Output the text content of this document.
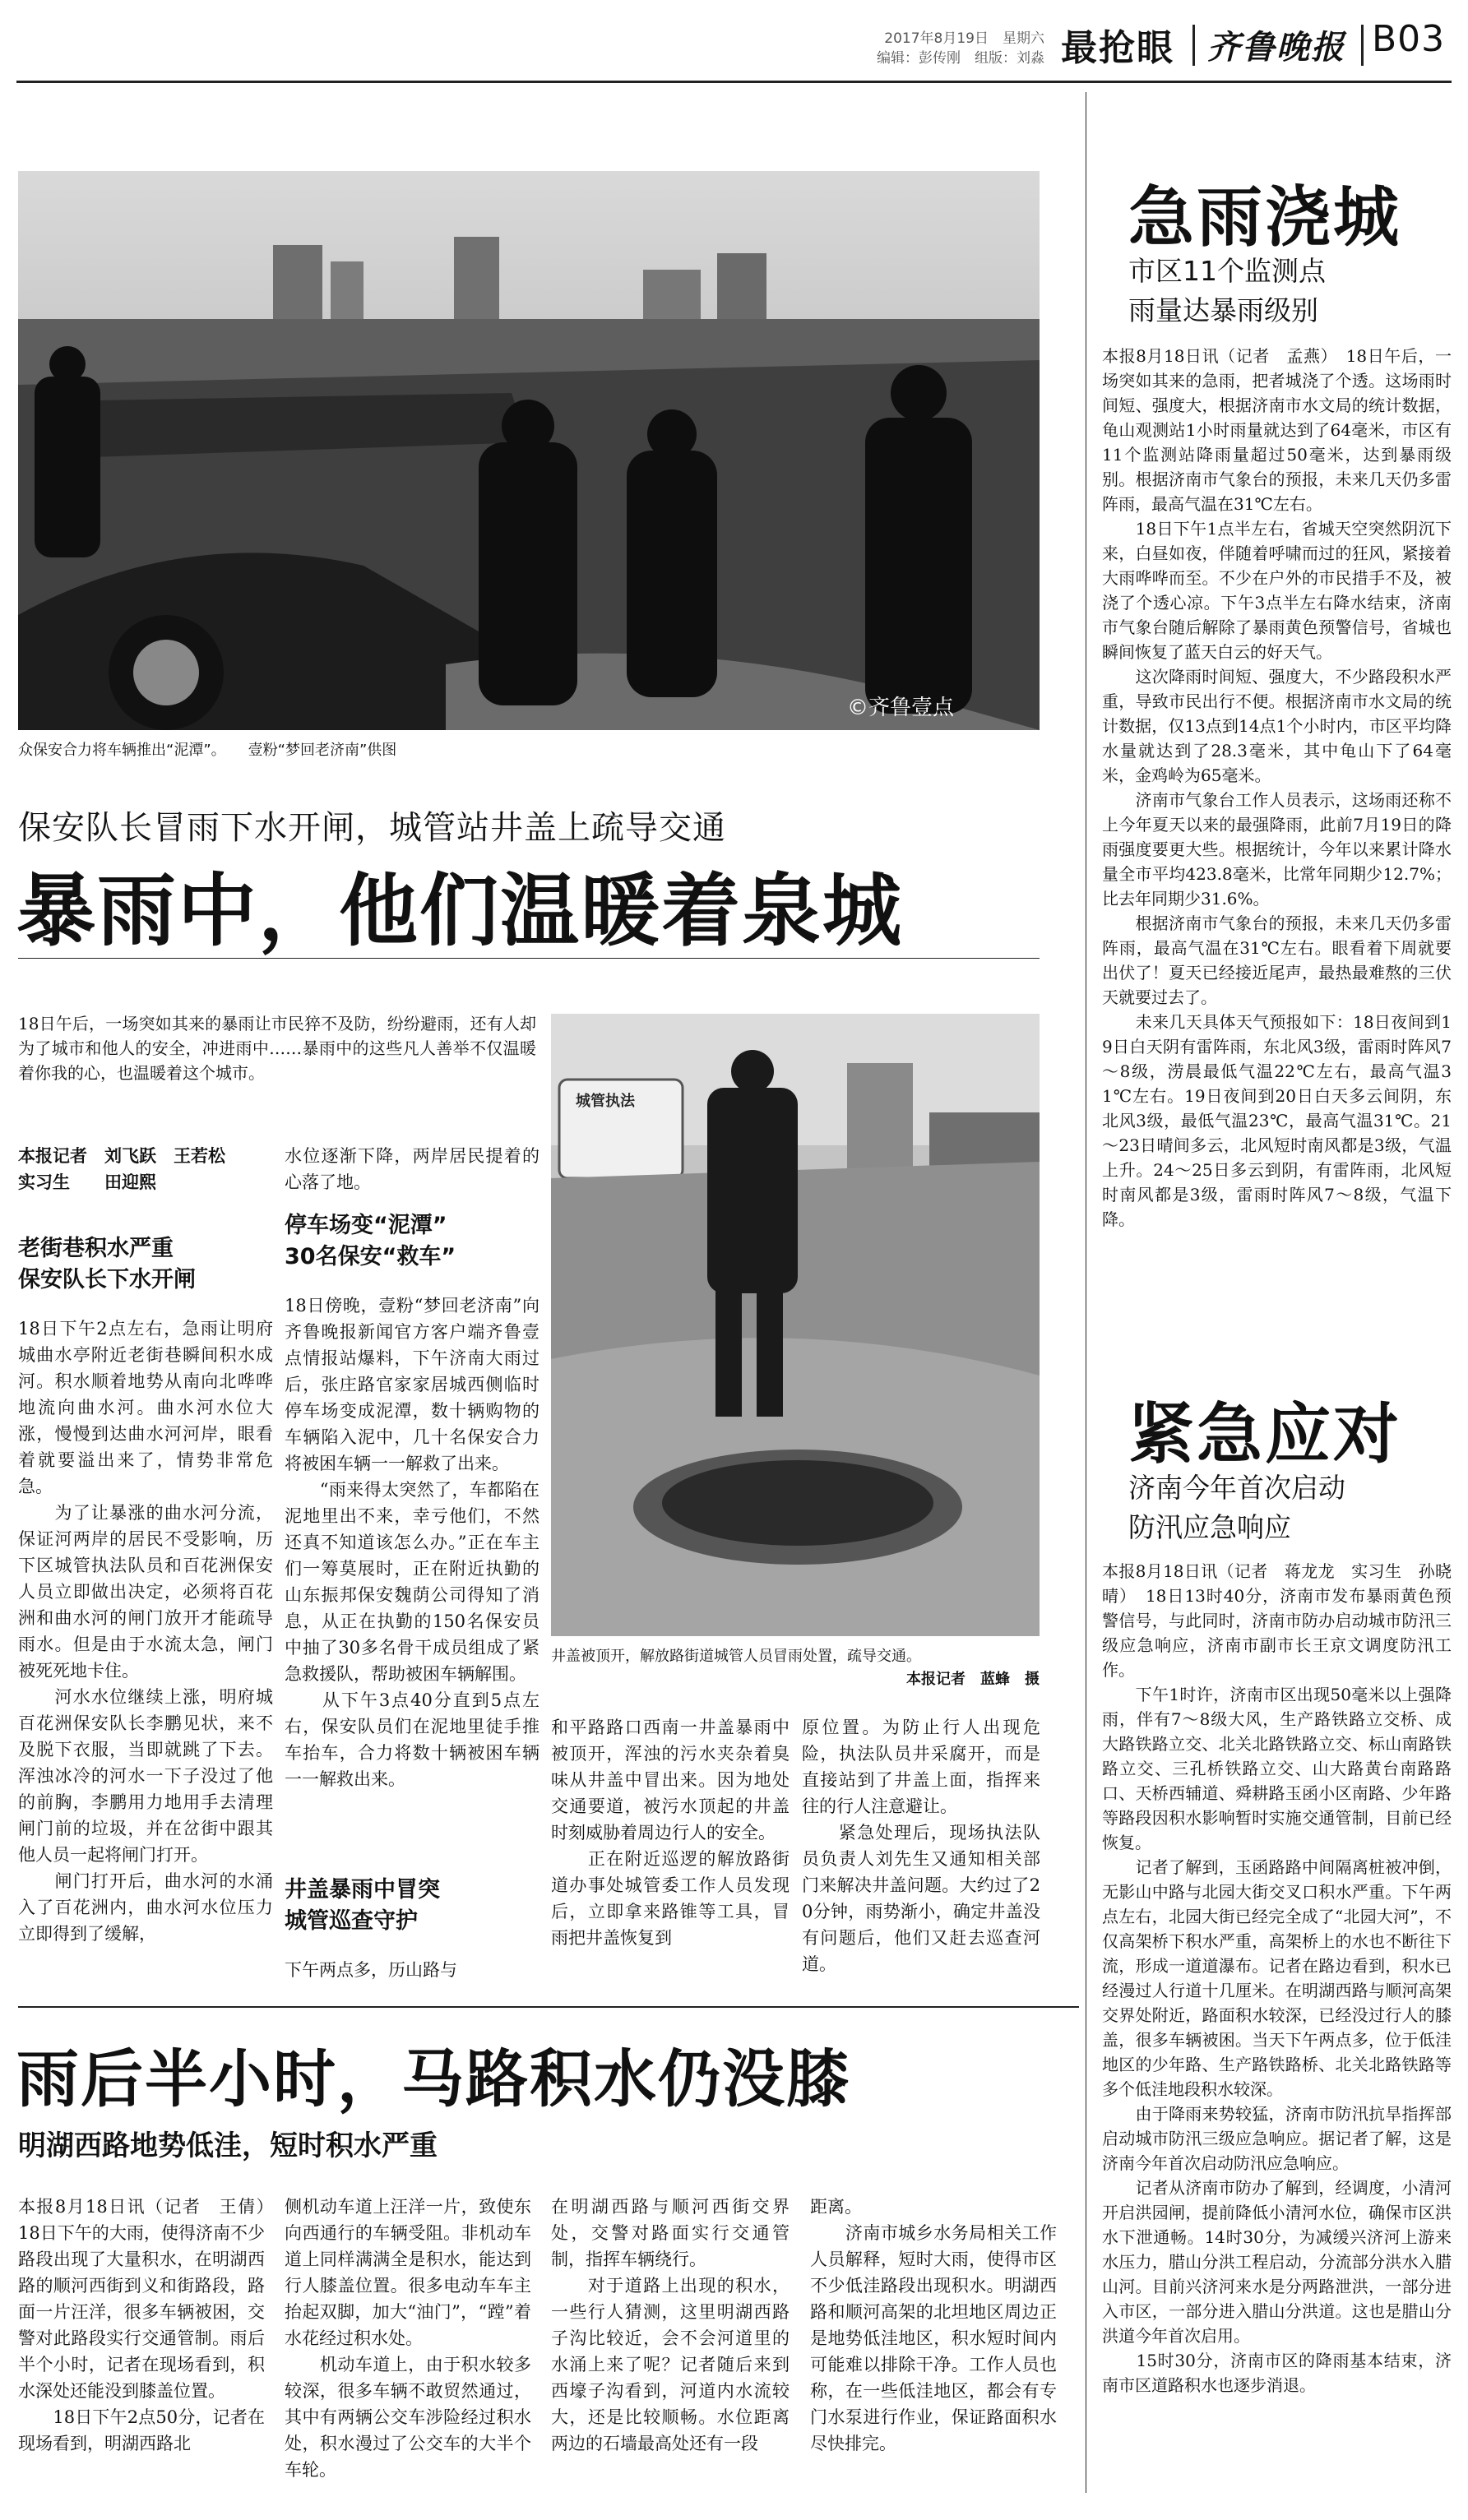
2017年8月19日　星期六
编辑：彭传刚　组版：刘淼 最抢眼 齐鲁晚报 B03
©齐鲁壹点
众保安合力将车辆推出“泥潭”。　　壹粉“梦回老济南”供图
保安队长冒雨下水开闸，城管站井盖上疏导交通
暴雨中，他们温暖着泉城
18日午后，一场突如其来的暴雨让市民猝不及防，纷纷避雨，还有人却为了城市和他人的安全，冲进雨中……暴雨中的这些凡人善举不仅温暖着你我的心，也温暖着这个城市。
本报记者　刘飞跃　王若松
实习生　　田迎熙
老街巷积水严重
保安队长下水开闸
18日下午2点左右，急雨让明府城曲水亭附近老街巷瞬间积水成河。积水顺着地势从南向北哗哗地流向曲水河。曲水河水位大涨，慢慢到达曲水河河岸，眼看着就要溢出来了，情势非常危急。
　　为了让暴涨的曲水河分流，保证河两岸的居民不受影响，历下区城管执法队员和百花洲保安人员立即做出决定，必须将百花洲和曲水河的闸门放开才能疏导雨水。但是由于水流太急，闸门被死死地卡住。
　　河水水位继续上涨，明府城百花洲保安队长李鹏见状，来不及脱下衣服，当即就跳了下去。浑浊冰冷的河水一下子没过了他的前胸，李鹏用力地用手去清理闸门前的垃圾，并在岔街中跟其他人员一起将闸门打开。
　　闸门打开后，曲水河的水涌入了百花洲内，曲水河水位压力立即得到了缓解，
水位逐渐下降，两岸居民提着的心落了地。
停车场变“泥潭”
30名保安“救车”
18日傍晚，壹粉“梦回老济南”向齐鲁晚报新闻官方客户端齐鲁壹点情报站爆料，下午济南大雨过后，张庄路官家家居城西侧临时停车场变成泥潭，数十辆购物的车辆陷入泥中，几十名保安合力将被困车辆一一解救了出来。
　　“雨来得太突然了，车都陷在泥地里出不来，幸亏他们，不然还真不知道该怎么办。”正在车主们一筹莫展时，正在附近执勤的山东振邦保安魏荫公司得知了消息，从正在执勤的150名保安员中抽了30多名骨干成员组成了紧急救援队，帮助被困车辆解围。
　　从下午3点40分直到5点左右，保安队员们在泥地里徒手推车抬车，合力将数十辆被困车辆一一解救出来。
井盖暴雨中冒突
城管巡查守护
下午两点多，历山路与
城管执法
井盖被顶开，解放路街道城管人员冒雨处置，疏导交通。
本报记者　蓝蜂　摄
和平路路口西南一井盖暴雨中被顶开，浑浊的污水夹杂着臭味从井盖中冒出来。因为地处交通要道，被污水顶起的井盖时刻威胁着周边行人的安全。
　　正在附近巡逻的解放路街道办事处城管委工作人员发现后，立即拿来路锥等工具，冒雨把井盖恢复到
原位置。为防止行人出现危险，执法队员井采腐开，而是直接站到了井盖上面，指挥来往的行人注意避让。
　　紧急处理后，现场执法队员负责人刘先生又通知相关部门来解决井盖问题。大约过了20分钟，雨势渐小，确定井盖没有问题后，他们又赶去巡查河道。
急雨浇城
市区11个监测点
雨量达暴雨级别
本报8月18日讯（记者　孟燕）　18日午后，一场突如其来的急雨，把者城浇了个透。这场雨时间短、强度大，根据济南市水文局的统计数据，龟山观测站1小时雨量就达到了64毫米，市区有11个监测站降雨量超过50毫米，达到暴雨级别。根据济南市气象台的预报，未来几天仍多雷阵雨，最高气温在31℃左右。
　　18日下午1点半左右，省城天空突然阴沉下来，白昼如夜，伴随着呼啸而过的狂风，紧接着大雨哗哗而至。不少在户外的市民措手不及，被浇了个透心凉。下午3点半左右降水结束，济南市气象台随后解除了暴雨黄色预警信号，省城也瞬间恢复了蓝天白云的好天气。
　　这次降雨时间短、强度大，不少路段积水严重，导致市民出行不便。根据济南市水文局的统计数据，仅13点到14点1个小时内，市区平均降水量就达到了28.3毫米，其中龟山下了64毫米，金鸡岭为65毫米。
　　济南市气象台工作人员表示，这场雨还称不上今年夏天以来的最强降雨，此前7月19日的降雨强度要更大些。根据统计，今年以来累计降水量全市平均423.8毫米，比常年同期少12.7%；比去年同期少31.6%。
　　根据济南市气象台的预报，未来几天仍多雷阵雨，最高气温在31℃左右。眼看着下周就要出伏了！夏天已经接近尾声，最热最难熬的三伏天就要过去了。
　　未来几天具体天气预报如下：18日夜间到19日白天阴有雷阵雨，东北风3级，雷雨时阵风7～8级，涝晨最低气温22℃左右，最高气温31℃左右。19日夜间到20日白天多云间阴，东北风3级，最低气温23℃，最高气温31℃。21～23日晴间多云，北风短时南风都是3级，气温上升。24～25日多云到阴，有雷阵雨，北风短时南风都是3级，雷雨时阵风7～8级，气温下降。
紧急应对
济南今年首次启动
防汛应急响应
本报8月18日讯（记者　蒋龙龙　实习生　孙晓晴）　18日13时40分，济南市发布暴雨黄色预警信号，与此同时，济南市防办启动城市防汛三级应急响应，济南市副市长王京文调度防汛工作。
　　下午1时许，济南市区出现50毫米以上强降雨，伴有7～8级大风，生产路铁路立交桥、成大路铁路立交、北关北路铁路立交、标山南路铁路立交、三孔桥铁路立交、山大路黄台南路路口、天桥西辅道、舜耕路玉函小区南路、少年路等路段因积水影响暂时实施交通管制，目前已经恢复。
　　记者了解到，玉函路路中间隔离桩被冲倒，无影山中路与北园大街交叉口积水严重。下午两点左右，北园大街已经完全成了“北园大河”，不仅高架桥下积水严重，高架桥上的水也不断往下流，形成一道道瀑布。记者在路边看到，积水已经漫过人行道十几厘米。在明湖西路与顺河高架交界处附近，路面积水较深，已经没过行人的膝盖，很多车辆被困。当天下午两点多，位于低洼地区的少年路、生产路铁路桥、北关北路铁路等多个低洼地段积水较深。
　　由于降雨来势较猛，济南市防汛抗旱指挥部启动城市防汛三级应急响应。据记者了解，这是济南今年首次启动防汛应急响应。
　　记者从济南市防办了解到，经调度，小清河开启洪园闸，提前降低小清河水位，确保市区洪水下泄通畅。14时30分，为减缓兴济河上游来水压力，腊山分洪工程启动，分流部分洪水入腊山河。目前兴济河来水是分两路泄洪，一部分进入市区，一部分进入腊山分洪道。这也是腊山分洪道今年首次启用。
　　15时30分，济南市区的降雨基本结束，济南市区道路积水也逐步消退。
雨后半小时，马路积水仍没膝
明湖西路地势低洼，短时积水严重
本报8月18日讯（记者　王倩）　18日下午的大雨，使得济南不少路段出现了大量积水，在明湖西路的顺河西街到义和街路段，路面一片汪洋，很多车辆被困，交警对此路段实行交通管制。雨后半个小时，记者在现场看到，积水深处还能没到膝盖位置。
　　18日下午2点50分，记者在现场看到，明湖西路北
侧机动车道上汪洋一片，致使东向西通行的车辆受阻。非机动车道上同样满满全是积水，能达到行人膝盖位置。很多电动车车主抬起双脚，加大“油门”，“蹚”着水花经过积水处。
　　机动车道上，由于积水较多较深，很多车辆不敢贸然通过，其中有两辆公交车涉险经过积水处，积水漫过了公交车的大半个车轮。
在明湖西路与顺河西街交界处，交警对路面实行交通管制，指挥车辆绕行。
　　对于道路上出现的积水，一些行人猜测，这里明湖西路子沟比较近，会不会河道里的水涌上来了呢？记者随后来到西壕子沟看到，河道内水流较大，还是比较顺畅。水位距离两边的石墙最高处还有一段
距离。
　　济南市城乡水务局相关工作人员解释，短时大雨，使得市区不少低洼路段出现积水。明湖西路和顺河高架的北坦地区周边正是地势低洼地区，积水短时间内可能难以排除干净。工作人员也称，在一些低洼地区，都会有专门水泵进行作业，保证路面积水尽快排完。
